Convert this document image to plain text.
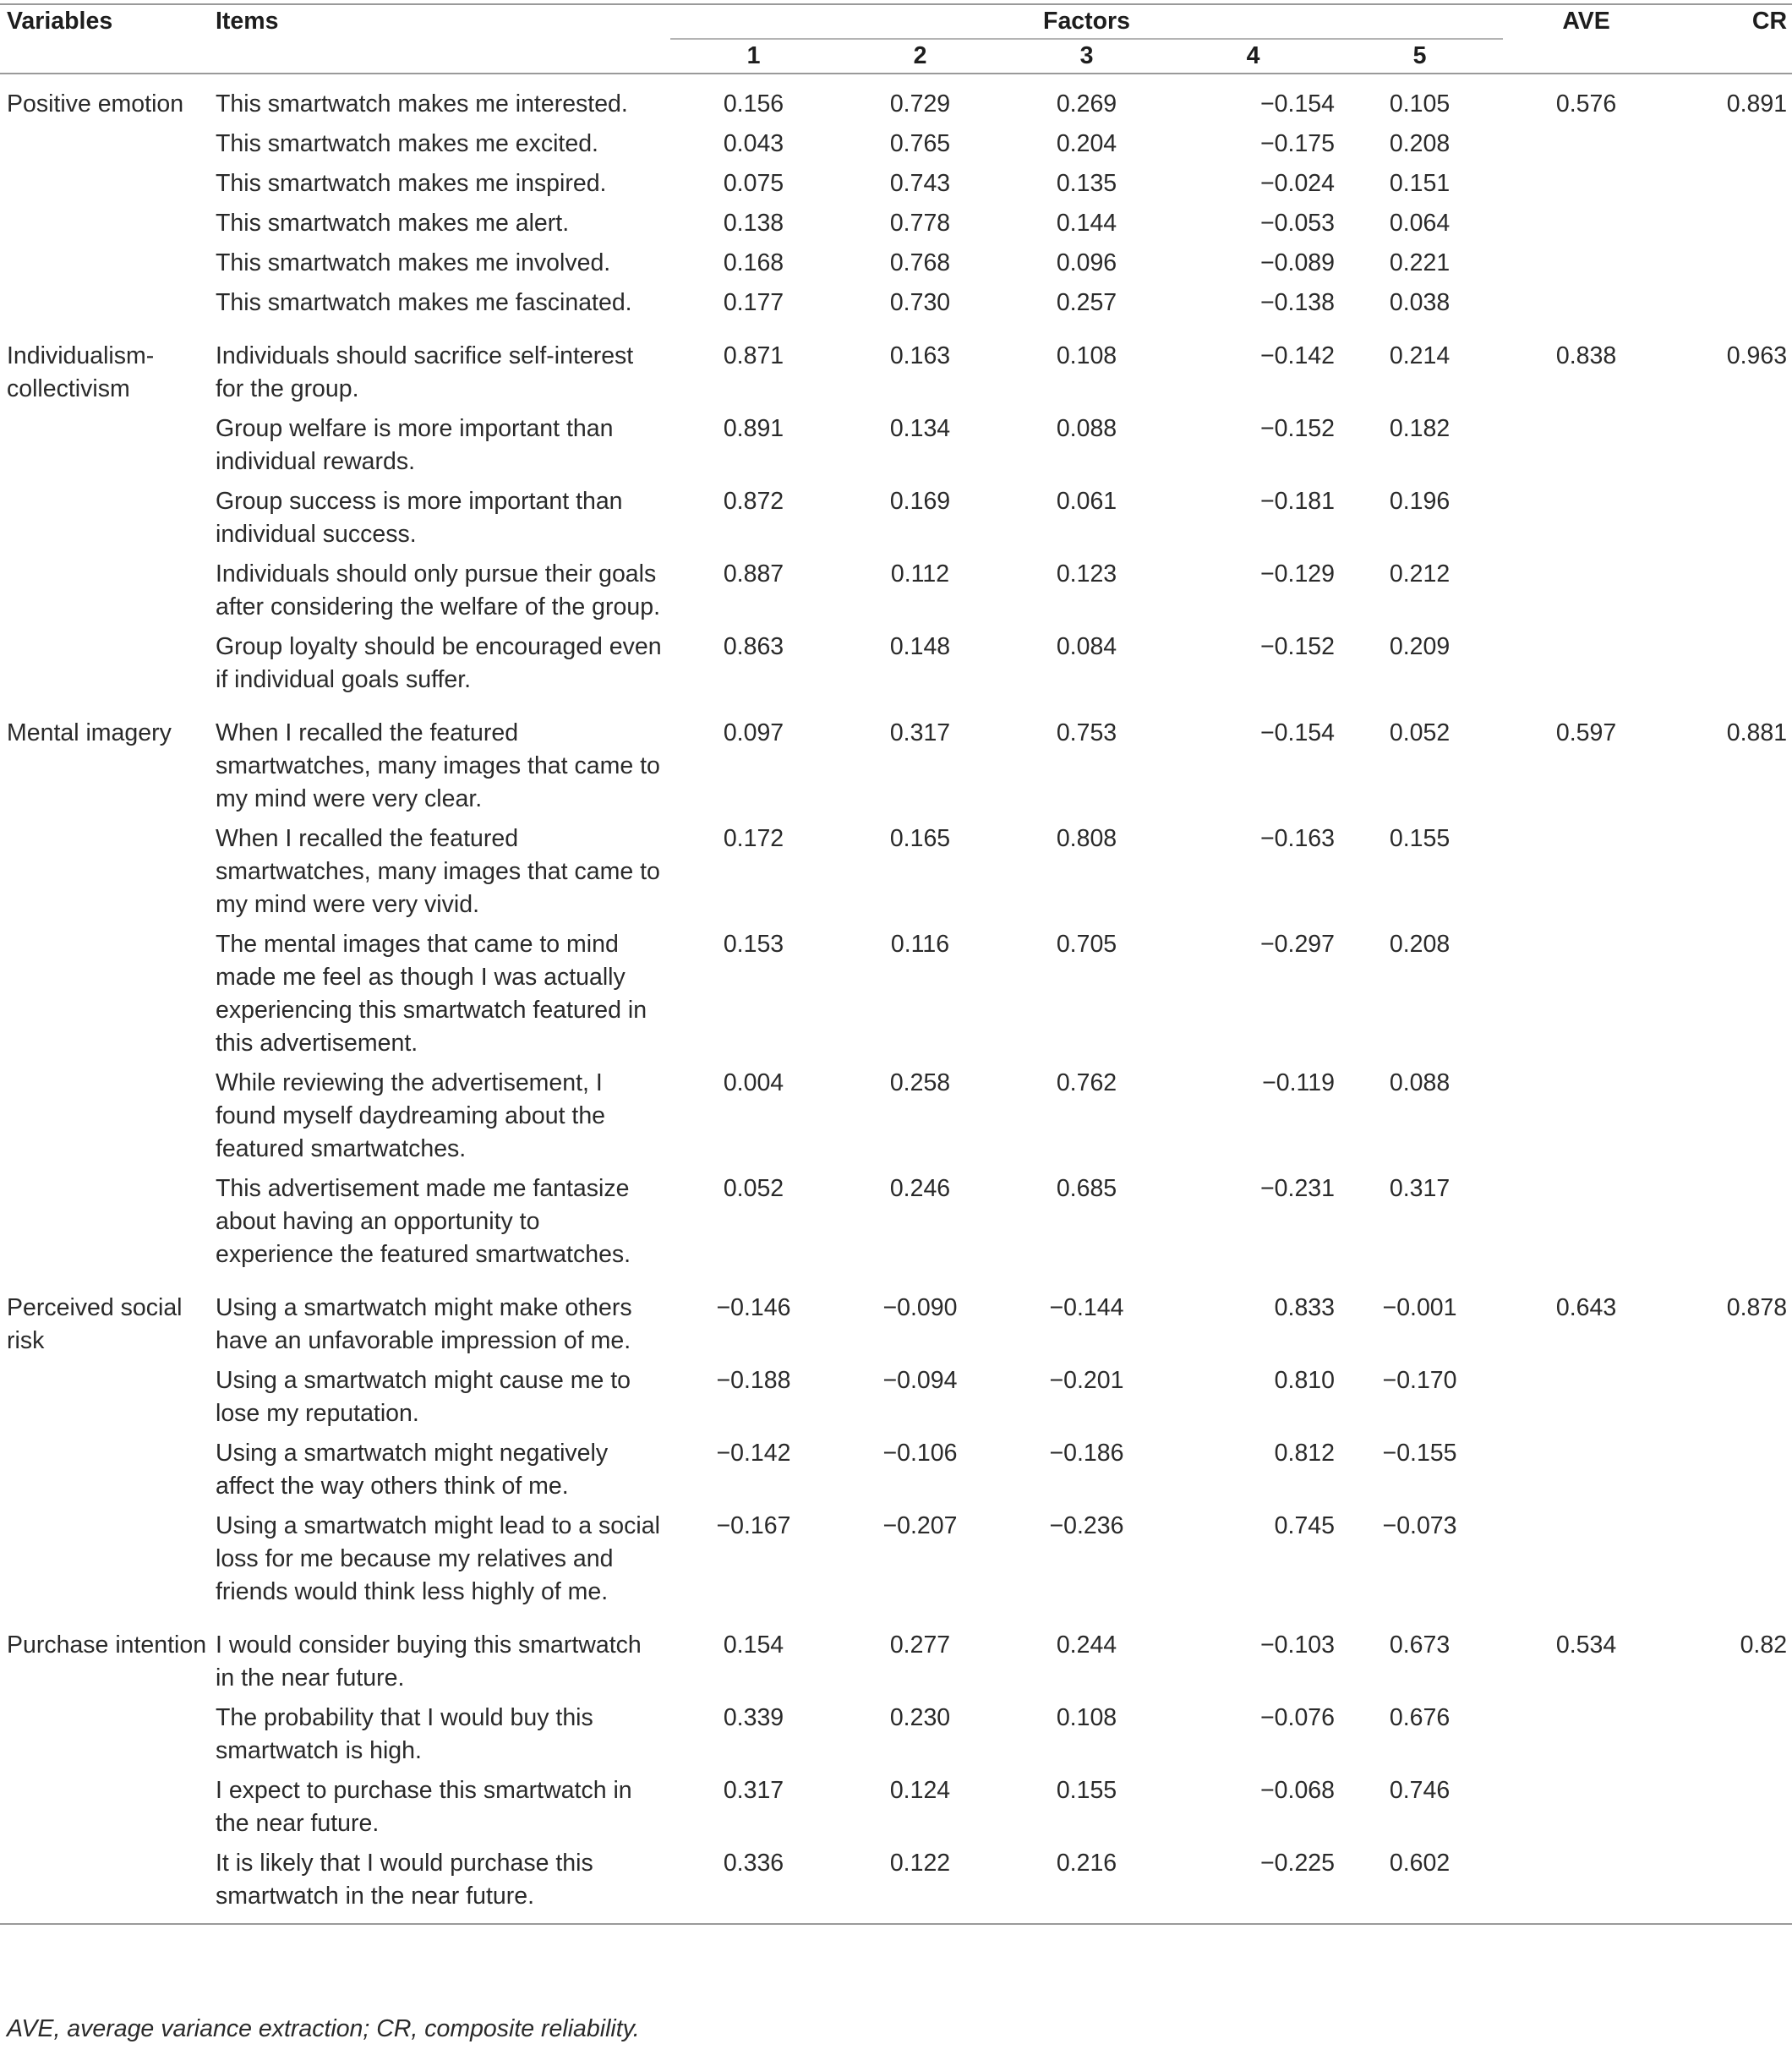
Variables	Items	Factors					AVE	CR
		1	2	3	4	5		
Positive emotion	This smartwatch makes me interested.	0.156	0.729	0.269	−0.154	0.105	0.576	0.891
	This smartwatch makes me excited.	0.043	0.765	0.204	−0.175	0.208		
	This smartwatch makes me inspired.	0.075	0.743	0.135	−0.024	0.151		
	This smartwatch makes me alert.	0.138	0.778	0.144	−0.053	0.064		
	This smartwatch makes me involved.	0.168	0.768	0.096	−0.089	0.221		
	This smartwatch makes me fascinated.	0.177	0.730	0.257	−0.138	0.038		
Individualism-collectivism	Individuals should sacrifice self-interest for the group.	0.871	0.163	0.108	−0.142	0.214	0.838	0.963
	Group welfare is more important than individual rewards.	0.891	0.134	0.088	−0.152	0.182		
	Group success is more important than individual success.	0.872	0.169	0.061	−0.181	0.196		
	Individuals should only pursue their goals after considering the welfare of the group.	0.887	0.112	0.123	−0.129	0.212		
	Group loyalty should be encouraged even if individual goals suffer.	0.863	0.148	0.084	−0.152	0.209		
Mental imagery	When I recalled the featured smartwatches, many images that came to my mind were very clear.	0.097	0.317	0.753	−0.154	0.052	0.597	0.881
	When I recalled the featured smartwatches, many images that came to my mind were very vivid.	0.172	0.165	0.808	−0.163	0.155		
	The mental images that came to mind made me feel as though I was actually experiencing this smartwatch featured in this advertisement.	0.153	0.116	0.705	−0.297	0.208		
	While reviewing the advertisement, I found myself daydreaming about the featured smartwatches.	0.004	0.258	0.762	−0.119	0.088		
	This advertisement made me fantasize about having an opportunity to experience the featured smartwatches.	0.052	0.246	0.685	−0.231	0.317		
Perceived social risk	Using a smartwatch might make others have an unfavorable impression of me.	−0.146	−0.090	−0.144	0.833	−0.001	0.643	0.878
	Using a smartwatch might cause me to lose my reputation.	−0.188	−0.094	−0.201	0.810	−0.170		
	Using a smartwatch might negatively affect the way others think of me.	−0.142	−0.106	−0.186	0.812	−0.155		
	Using a smartwatch might lead to a social loss for me because my relatives and friends would think less highly of me.	−0.167	−0.207	−0.236	0.745	−0.073		
Purchase intention	I would consider buying this smartwatch in the near future.	0.154	0.277	0.244	−0.103	0.673	0.534	0.82
	The probability that I would buy this smartwatch is high.	0.339	0.230	0.108	−0.076	0.676		
	I expect to purchase this smartwatch in the near future.	0.317	0.124	0.155	−0.068	0.746		
	It is likely that I would purchase this smartwatch in the near future.	0.336	0.122	0.216	−0.225	0.602		
AVE, average variance extraction; CR, composite reliability.
